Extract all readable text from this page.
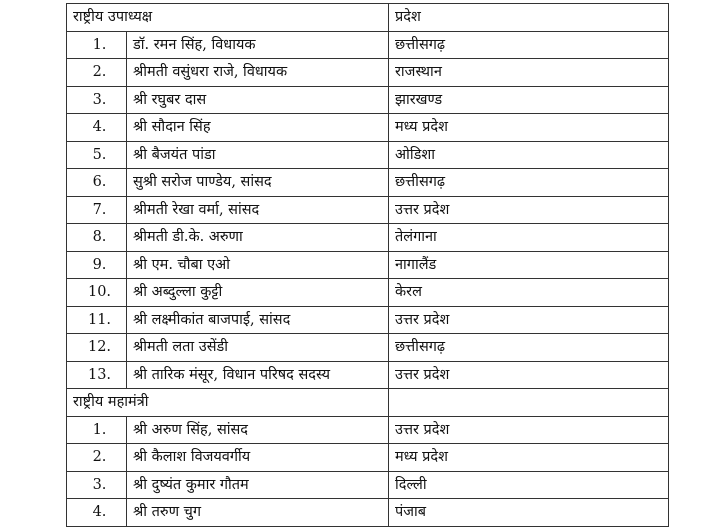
राष्ट्रीय उपाध्यक्ष		प्रदेश
1.	डॉ. रमन सिंह, विधायक	छत्तीसगढ़
2.	श्रीमती वसुंधरा राजे, विधायक	राजस्थान
3.	श्री रघुबर दास	झारखण्ड
4.	श्री सौदान सिंह	मध्य प्रदेश
5.	श्री बैजयंत पांडा	ओडिशा
6.	सुश्री सरोज पाण्डेय, सांसद	छत्तीसगढ़
7.	श्रीमती रेखा वर्मा, सांसद	उत्तर प्रदेश
8.	श्रीमती डी.के. अरुणा	तेलंगाना
9.	श्री एम. चौबा एओ	नागालैंड
10.	श्री अब्दुल्ला कुट्टी	केरल
11.	श्री लक्ष्मीकांत बाजपाई, सांसद	उत्तर प्रदेश
12.	श्रीमती लता उसेंडी	छत्तीसगढ़
13.	श्री तारिक मंसूर, विधान परिषद सदस्य	उत्तर प्रदेश
राष्ट्रीय महामंत्री		
1.	श्री अरुण सिंह, सांसद	उत्तर प्रदेश
2.	श्री कैलाश विजयवर्गीय	मध्य प्रदेश
3.	श्री दुष्यंत कुमार गौतम	दिल्ली
4.	श्री तरुण चुग	पंजाब
